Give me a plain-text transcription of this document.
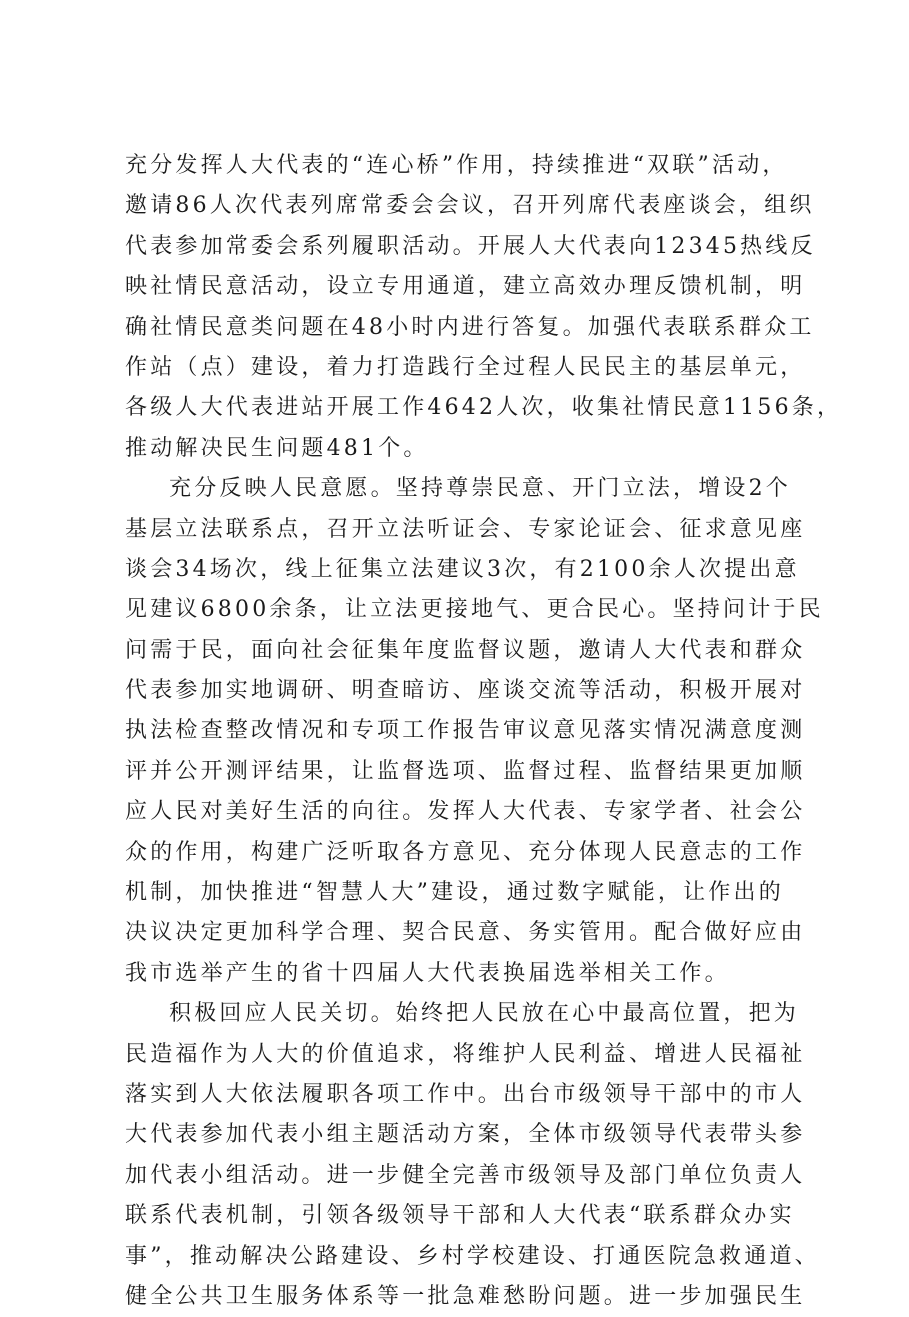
充分发挥人大代表的“连心桥”作用，持续推进“双联”活动，
邀请86人次代表列席常委会会议，召开列席代表座谈会，组织
代表参加常委会系列履职活动。开展人大代表向12345热线反
映社情民意活动，设立专用通道，建立高效办理反馈机制，明
确社情民意类问题在48小时内进行答复。加强代表联系群众工
作站（点）建设，着力打造践行全过程人民民主的基层单元，
各级人大代表进站开展工作4642人次，收集社情民意1156条，
推动解决民生问题481个。
充分反映人民意愿。坚持尊崇民意、开门立法，增设2个
基层立法联系点，召开立法听证会、专家论证会、征求意见座
谈会34场次，线上征集立法建议3次，有2100余人次提出意
见建议6800余条，让立法更接地气、更合民心。坚持问计于民
问需于民，面向社会征集年度监督议题，邀请人大代表和群众
代表参加实地调研、明查暗访、座谈交流等活动，积极开展对
执法检查整改情况和专项工作报告审议意见落实情况满意度测
评并公开测评结果，让监督选项、监督过程、监督结果更加顺
应人民对美好生活的向往。发挥人大代表、专家学者、社会公
众的作用，构建广泛听取各方意见、充分体现人民意志的工作
机制，加快推进“智慧人大”建设，通过数字赋能，让作出的
决议决定更加科学合理、契合民意、务实管用。配合做好应由
我市选举产生的省十四届人大代表换届选举相关工作。
积极回应人民关切。始终把人民放在心中最高位置，把为
民造福作为人大的价值追求，将维护人民利益、增进人民福祉
落实到人大依法履职各项工作中。出台市级领导干部中的市人
大代表参加代表小组主题活动方案，全体市级领导代表带头参
加代表小组活动。进一步健全完善市级领导及部门单位负责人
联系代表机制，引领各级领导干部和人大代表“联系群众办实
事”，推动解决公路建设、乡村学校建设、打通医院急救通道、
健全公共卫生服务体系等一批急难愁盼问题。进一步加强民生
